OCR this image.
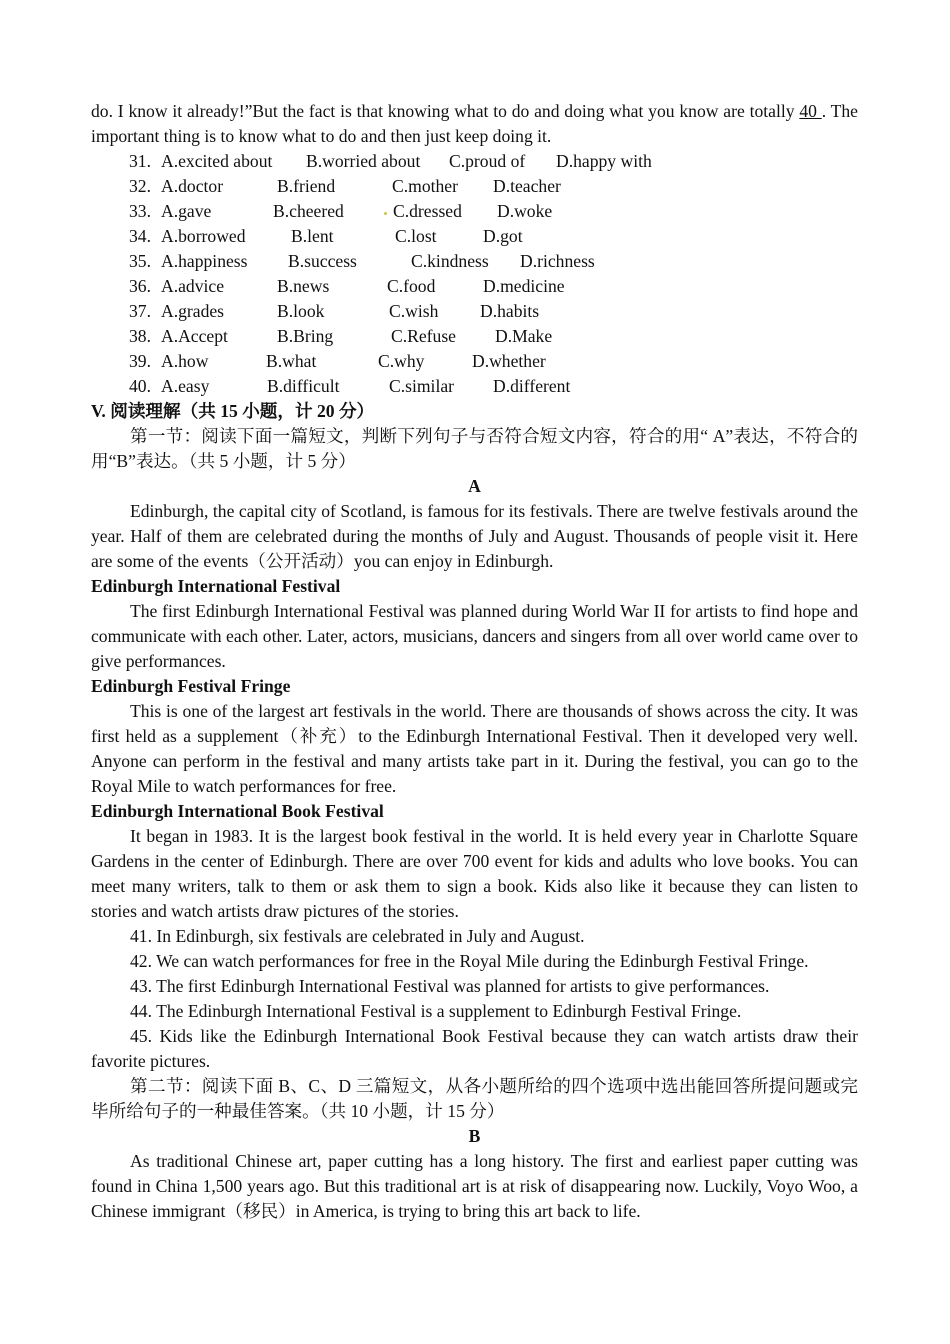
do. I know it already!”But the fact is that knowing what to do and doing what you know are totally 40 . The important thing is to know what to do and then just keep doing it.

31. A.excited about B.worried about C.proud of D.happy with
32. A.doctor	B.friend	C.mother D.teacher
33. A.gave	B.cheered	C.dressed D.woke
34. A.borrowed	B.lent	C.lost	D.got
35. A.happiness B.success	C.kindness D.richness
36. A.advice	B.news	C.food	D.medicine
37. A.grades	B.look	C.wish D.habits
38. A.Accept	B.Bring	C.Refuse D.Make
39. A.how	B.what	C.why	D.whether
40. A.easy	B.difficult	C.similar D.different

V. 阅读理解（共 15 小题，计 20 分）

第一节：阅读下面一篇短文，判断下列句子与否符合短文内容，符合的用“ A”表达，不符合的用“B”表达。（共 5 小题，计 5 分）

A

Edinburgh, the capital city of Scotland, is famous for its festivals. There are twelve festivals around the year. Half of them are celebrated during the months of July and August. Thousands of people visit it. Here are some of the events（公开活动）you can enjoy in Edinburgh.

Edinburgh International Festival

The first Edinburgh International Festival was planned during World War II for artists to find hope and communicate with each other. Later, actors, musicians, dancers and singers from all over world came over to give performances.

Edinburgh Festival Fringe

This is one of the largest art festivals in the world. There are thousands of shows across the city. It was first held as a supplement（补充）to the Edinburgh International Festival. Then it developed very well. Anyone can perform in the festival and many artists take part in it. During the festival, you can go to the Royal Mile to watch performances for free.

Edinburgh International Book Festival

It began in 1983. It is the largest book festival in the world. It is held every year in Charlotte Square Gardens in the center of Edinburgh. There are over 700 event for kids and adults who love books. You can meet many writers, talk to them or ask them to sign a book. Kids also like it because they can listen to stories and watch artists draw pictures of the stories.

41. In Edinburgh, six festivals are celebrated in July and August.

42. We can watch performances for free in the Royal Mile during the Edinburgh Festival Fringe.

43. The first Edinburgh International Festival was planned for artists to give performances.

44. The Edinburgh International Festival is a supplement to Edinburgh Festival Fringe.

45. Kids like the Edinburgh International Book Festival because they can watch artists draw their favorite pictures.

第二节：阅读下面 B、C、D 三篇短文，从各小题所给的四个选项中选出能回答所提问题或完毕所给句子的一种最佳答案。（共 10 小题，计 15 分）

B

As traditional Chinese art, paper cutting has a long history. The first and earliest paper cutting was found in China 1,500 years ago. But this traditional art is at risk of disappearing now. Luckily, Voyo Woo, a Chinese immigrant（移民）in America, is trying to bring this art back to life.
